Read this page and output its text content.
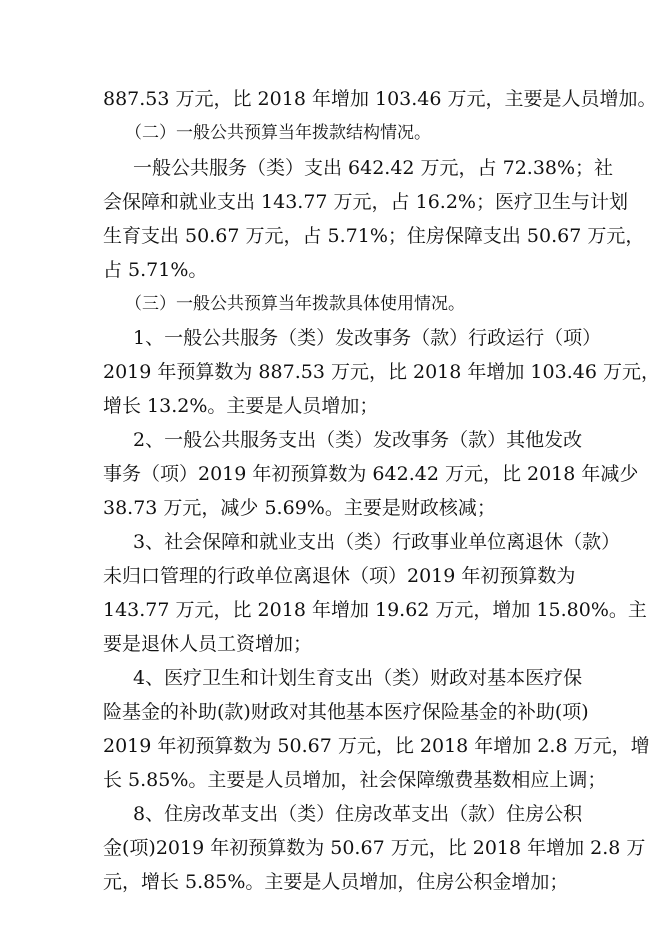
887.53 万元，比 2018 年增加 103.46 万元，主要是人员增加。
（二）一般公共预算当年拨款结构情况。
一般公共服务（类）支出 642.42 万元，占 72.38%；社
会保障和就业支出 143.77 万元，占 16.2%；医疗卫生与计划
生育支出 50.67 万元，占 5.71%；住房保障支出 50.67 万元，
占 5.71%。
（三）一般公共预算当年拨款具体使用情况。
1、一般公共服务（类）发改事务（款）行政运行（项）
2019 年预算数为 887.53 万元，比 2018 年增加 103.46 万元，
增长 13.2%。主要是人员增加；
2、一般公共服务支出（类）发改事务（款）其他发改
事务（项）2019 年初预算数为 642.42 万元，比 2018 年减少
38.73 万元，减少 5.69%。主要是财政核减；
3、社会保障和就业支出（类）行政事业单位离退休（款）
未归口管理的行政单位离退休（项）2019 年初预算数为
143.77 万元，比 2018 年增加 19.62 万元，增加 15.80%。主
要是退休人员工资增加；
4、医疗卫生和计划生育支出（类）财政对基本医疗保
险基金的补助(款)财政对其他基本医疗保险基金的补助(项)
2019 年初预算数为 50.67 万元，比 2018 年增加 2.8 万元，增
长 5.85%。主要是人员增加，社会保障缴费基数相应上调；
8、住房改革支出（类）住房改革支出（款）住房公积
金(项)2019 年初预算数为 50.67 万元，比 2018 年增加 2.8 万
元，增长 5.85%。主要是人员增加，住房公积金增加；
